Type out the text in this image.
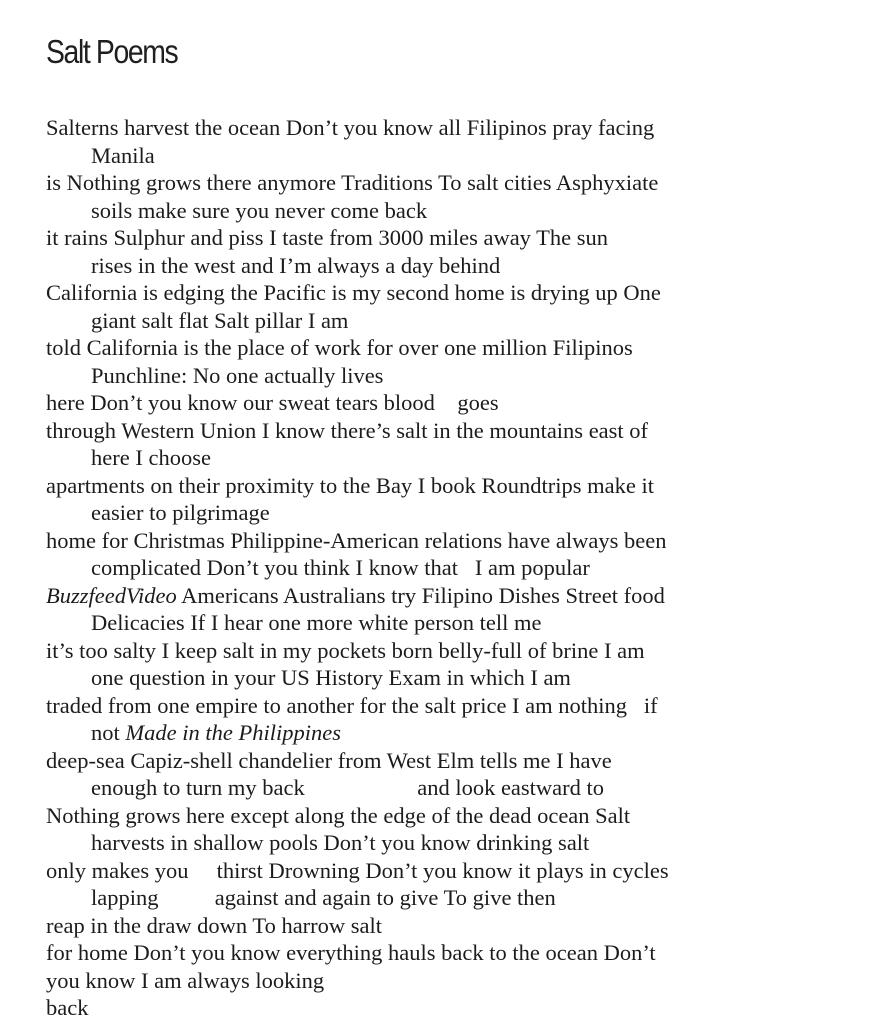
Salt Poems
Salterns harvest the ocean Don’t you know all Filipinos pray facing
Manila
is Nothing grows there anymore Traditions To salt cities Asphyxiate
soils make sure you never come back
it rains Sulphur and piss I taste from 3000 miles away The sun
rises in the west and I’m always a day behind
California is edging the Pacific is my second home is drying up One
giant salt flat Salt pillar I am
told California is the place of work for over one million Filipinos
Punchline: No one actually lives
here Don’t you know our sweat tears blood    goes
through Western Union I know there’s salt in the mountains east of
here I choose
apartments on their proximity to the Bay I book Roundtrips make it
easier to pilgrimage
home for Christmas Philippine-American relations have always been
complicated Don’t you think I know that   I am popular
BuzzfeedVideo Americans Australians try Filipino Dishes Street food
Delicacies If I hear one more white person tell me
it’s too salty I keep salt in my pockets born belly-full of brine I am
one question in your US History Exam in which I am
traded from one empire to another for the salt price I am nothing   if
not Made in the Philippines
deep-sea Capiz-shell chandelier from West Elm tells me I have
enough to turn my back                    and look eastward to
Nothing grows here except along the edge of the dead ocean Salt
harvests in shallow pools Don’t you know drinking salt
only makes you     thirst Drowning Don’t you know it plays in cycles
lapping          against and again to give To give then
reap in the draw down To harrow salt
for home Don’t you know everything hauls back to the ocean Don’t
you know I am always looking
back
